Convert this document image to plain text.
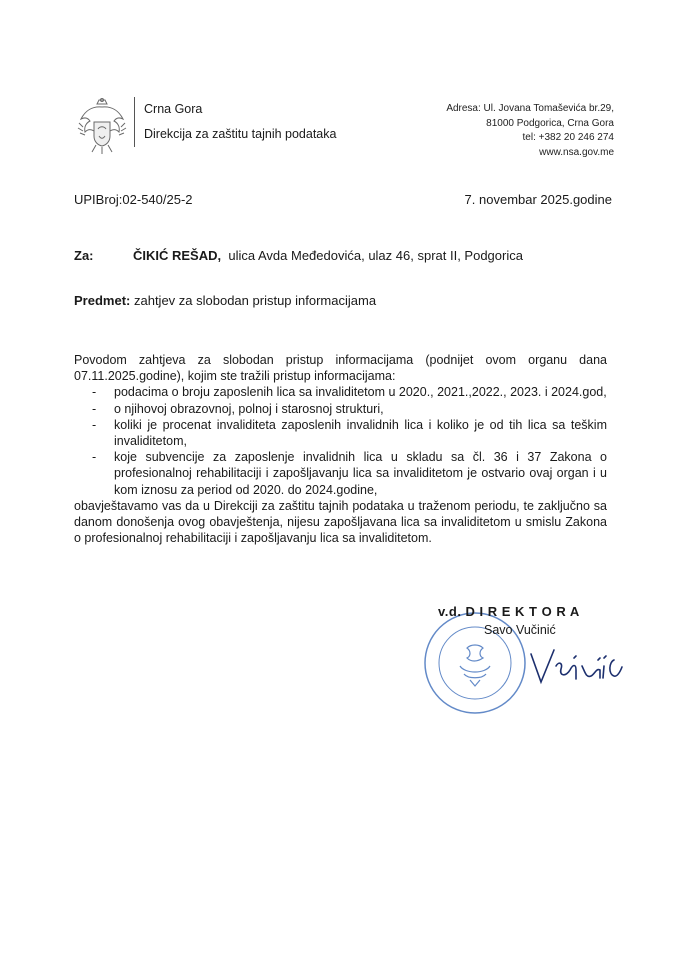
Crna Gora
Direkcija za zaštitu tajnih podataka
Adresa: Ul. Jovana Tomaševića br.29,
81000 Podgorica, Crna Gora
tel: +382 20 246 274
www.nsa.gov.me
UPIBroj:02-540/25-2	7. novembar 2025.godine
Za:	ČIKIĆ REŠAD, ulica Avda Međedovića, ulaz 46, sprat II, Podgorica
Predmet: zahtjev za slobodan pristup informacijama

Povodom zahtjeva za slobodan pristup informacijama (podnijet ovom organu dana 07.11.2025.godine), kojim ste tražili pristup informacijama:

- podacima o broju zaposlenih lica sa invaliditetom u 2020., 2021.,2022., 2023. i 2024.god,
- o njihovoj obrazovnoj, polnoj i starosnoj strukturi,
- koliki je procenat invaliditeta zaposlenih invalidnih lica i koliko je od tih lica sa teškim invaliditetom,
- koje subvencije za zaposlenje invalidnih lica u skladu sa čl. 36 i 37 Zakona o profesionalnoj rehabilitaciji i zapošljavanju lica sa invaliditetom je ostvario ovaj organ i u kom iznosu za period od 2020. do 2024.godine,

obavještavamo vas da u Direkciji za zaštitu tajnih podataka u traženom periodu, te zaključno sa danom donošenja ovog obavještenja, nijesu zapošljavana lica sa invaliditetom u smislu Zakona o profesionalnoj rehabilitaciji i zapošljavanju lica sa invaliditetom.

v.d. D I R E K T O R A
Savo Vučinić
